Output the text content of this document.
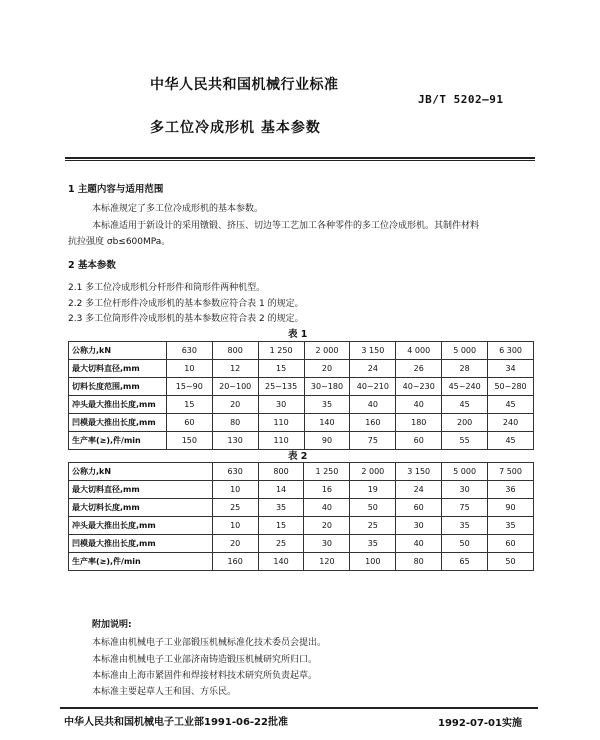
中华人民共和国机械行业标准
JB/T 5202—91
多工位冷成形机 基本参数
1 主题内容与适用范围
本标准规定了多工位冷成形机的基本参数。
本标准适用于新设计的采用镦锻、挤压、切边等工艺加工各种零件的多工位冷成形机。其制件材料
抗拉强度 σb≤600MPa。
2 基本参数
2.1 多工位冷成形机分杆形件和筒形件两种机型。
2.2 多工位杆形件冷成形机的基本参数应符合表 1 的规定。
2.3 多工位筒形件冷成形机的基本参数应符合表 2 的规定。
表 1
公称力,kN	630	800	1 250	2 000	3 150	4 000	5 000	6 300
最大切料直径,mm	10	12	15	20	24	26	28	34
切料长度范围,mm	15~90	20~100	25~135	30~180	40~210	40~230	45~240	50~280
冲头最大推出长度,mm	15	20	30	35	40	40	45	45
凹模最大推出长度,mm	60	80	110	140	160	180	200	240
生产率(≥),件/min	150	130	110	90	75	60	55	45
表 2
公称力,kN	630	800	1 250	2 000	3 150	5 000	7 500
最大切料直径,mm	10	14	16	19	24	30	36
最大切料长度,mm	25	35	40	50	60	75	90
冲头最大推出长度,mm	10	15	20	25	30	35	35
凹模最大推出长度,mm	20	25	30	35	40	50	60
生产率(≥),件/min	160	140	120	100	80	65	50
附加说明:
本标准由机械电子工业部锻压机械标准化技术委员会提出。
本标准由机械电子工业部济南铸造锻压机械研究所归口。
本标准由上海市紧固件和焊接材料技术研究所负责起草。
本标准主要起草人王和国、方乐民。
中华人民共和国机械电子工业部1991-06-22批准	1992-07-01实施
